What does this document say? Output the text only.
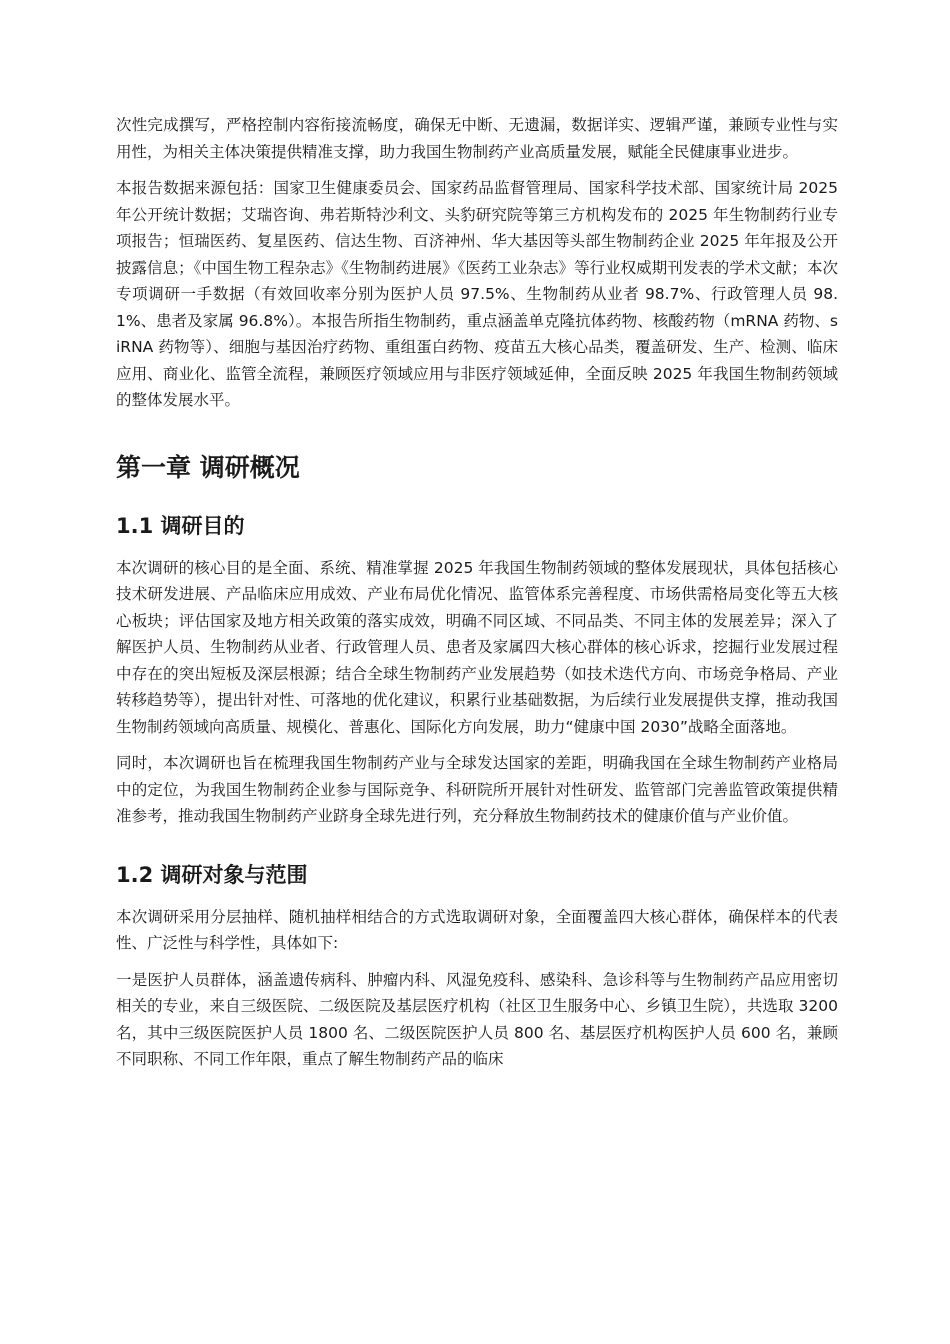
次性完成撰写，严格控制内容衔接流畅度，确保无中断、无遗漏，数据详实、逻辑严谨，兼顾专业性与实用性，为相关主体决策提供精准支撑，助力我国生物制药产业高质量发展，赋能全民健康事业进步。

本报告数据来源包括：国家卫生健康委员会、国家药品监督管理局、国家科学技术部、国家统计局 2025 年公开统计数据；艾瑞咨询、弗若斯特沙利文、头豹研究院等第三方机构发布的 2025 年生物制药行业专项报告；恒瑞医药、复星医药、信达生物、百济神州、华大基因等头部生物制药企业 2025 年年报及公开披露信息；《中国生物工程杂志》《生物制药进展》《医药工业杂志》等行业权威期刊发表的学术文献；本次专项调研一手数据（有效回收率分别为医护人员 97.5%、生物制药从业者 98.7%、行政管理人员 98.1%、患者及家属 96.8%）。本报告所指生物制药，重点涵盖单克隆抗体药物、核酸药物（mRNA 药物、siRNA 药物等）、细胞与基因治疗药物、重组蛋白药物、疫苗五大核心品类，覆盖研发、生产、检测、临床应用、商业化、监管全流程，兼顾医疗领域应用与非医疗领域延伸，全面反映 2025 年我国生物制药领域的整体发展水平。

第一章 调研概况
1.1 调研目的

本次调研的核心目的是全面、系统、精准掌握 2025 年我国生物制药领域的整体发展现状，具体包括核心技术研发进展、产品临床应用成效、产业布局优化情况、监管体系完善程度、市场供需格局变化等五大核心板块；评估国家及地方相关政策的落实成效，明确不同区域、不同品类、不同主体的发展差异；深入了解医护人员、生物制药从业者、行政管理人员、患者及家属四大核心群体的核心诉求，挖掘行业发展过程中存在的突出短板及深层根源；结合全球生物制药产业发展趋势（如技术迭代方向、市场竞争格局、产业转移趋势等），提出针对性、可落地的优化建议，积累行业基础数据，为后续行业发展提供支撑，推动我国生物制药领域向高质量、规模化、普惠化、国际化方向发展，助力“健康中国 2030”战略全面落地。

同时，本次调研也旨在梳理我国生物制药产业与全球发达国家的差距，明确我国在全球生物制药产业格局中的定位，为我国生物制药企业参与国际竞争、科研院所开展针对性研发、监管部门完善监管政策提供精准参考，推动我国生物制药产业跻身全球先进行列，充分释放生物制药技术的健康价值与产业价值。

1.2 调研对象与范围

本次调研采用分层抽样、随机抽样相结合的方式选取调研对象，全面覆盖四大核心群体，确保样本的代表性、广泛性与科学性，具体如下:

一是医护人员群体，涵盖遗传病科、肿瘤内科、风湿免疫科、感染科、急诊科等与生物制药产品应用密切相关的专业，来自三级医院、二级医院及基层医疗机构（社区卫生服务中心、乡镇卫生院），共选取 3200 名，其中三级医院医护人员 1800 名、二级医院医护人员 800 名、基层医疗机构医护人员 600 名，兼顾不同职称、不同工作年限，重点了解生物制药产品的临床
